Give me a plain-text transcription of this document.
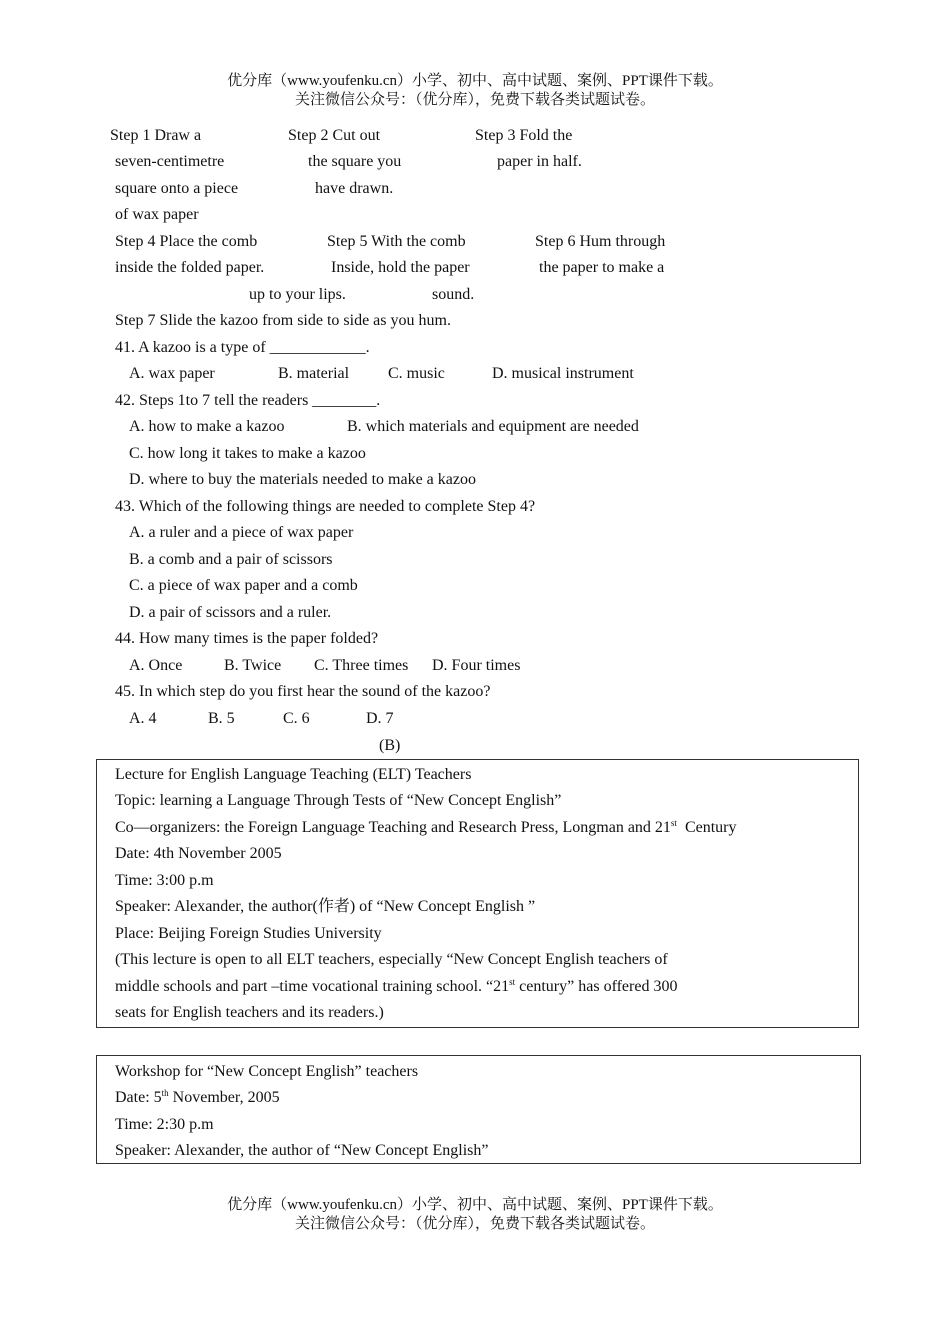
优分库（www.youfenku.cn）小学、初中、高中试题、案例、PPT课件下载。
关注微信公众号：（优分库），免费下载各类试题试卷。
Step 1 Draw a
seven-centimetre
square onto a piece
of wax paper
Step 2 Cut out
the square you
have drawn.
Step 3 Fold the
paper in half.
Step 4 Place the comb
inside the folded paper.
Step 5 With the comb
Inside, hold the paper
up to your lips.
Step 6 Hum through
the paper to make a
sound.
Step 7 Slide the kazoo from side to side as you hum.
41. A kazoo is a type of ____________.
A. wax paper	B. material C. music	D. musical instrument
42. Steps 1to 7 tell the readers ________.
A. how to make a kazoo	B. which materials and equipment are needed
C. how long it takes to make a kazoo
D. where to buy the materials needed to make a kazoo
43. Which of the following things are needed to complete Step 4?
A. a ruler and a piece of wax paper
B. a comb and a pair of scissors
C. a piece of wax paper and a comb
D. a pair of scissors and a ruler.
44. How many times is the paper folded?
A. Once	B. Twice C. Three times D. Four times
45. In which step do you first hear the sound of the kazoo?
A. 4	B. 5	C. 6	D. 7
(B)
Lecture for English Language Teaching (ELT) Teachers
Topic: learning a Language Through Tests of “New Concept English”
Co—organizers: the Foreign Language Teaching and Research Press, Longman and 21st  Century
Date: 4th November 2005
Time: 3:00 p.m
Speaker: Alexander, the author(作者) of “New Concept English ”
Place: Beijing Foreign Studies University
(This lecture is open to all ELT teachers, especially “New Concept English teachers of
middle schools and part –time vocational training school. “21st century” has offered 300
seats for English teachers and its readers.)
Workshop for “New Concept English” teachers
Date: 5th November, 2005
Time: 2:30 p.m
Speaker: Alexander, the author of “New Concept English”
优分库（www.youfenku.cn）小学、初中、高中试题、案例、PPT课件下载。
关注微信公众号：（优分库），免费下载各类试题试卷。
